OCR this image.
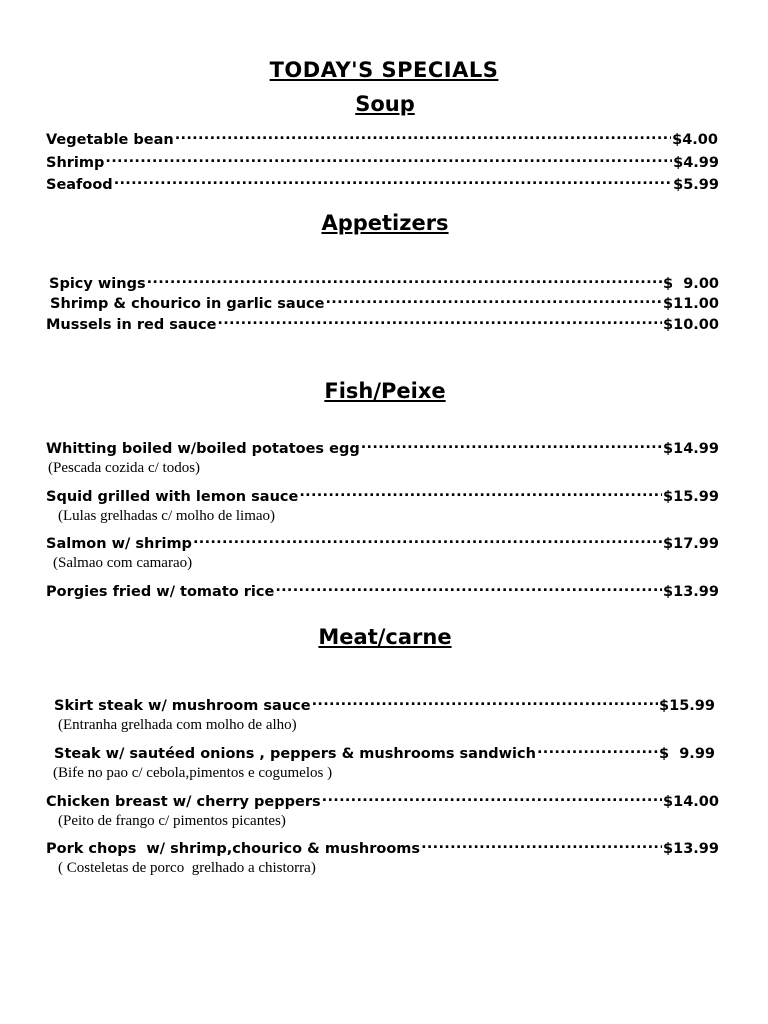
TODAY'S SPECIALS
Soup
Vegetable bean .....	$4.00
Shrimp .....	$4.99
Seafood .....	$5.99
Appetizers
Spicy wings .....	$  9.00
Shrimp & chourico in garlic sauce .....	$11.00
Mussels in red sauce .....	$10.00
Fish/Peixe
Whitting boiled w/boiled potatoes egg .....	$14.99
(Pescada cozida c/ todos)
Squid grilled with lemon sauce .....	$15.99
(Lulas grelhadas c/ molho de limao)
Salmon w/ shrimp .....	$17.99
(Salmao com camarao)
Porgies fried w/ tomato rice .....	$13.99
Meat/carne
Skirt steak w/ mushroom sauce .....	$15.99
(Entranha grelhada com molho de alho)
Steak w/ sautéed onions , peppers & mushrooms sandwich .....	$  9.99
(Bife no pao c/ cebola,pimentos e cogumelos )
Chicken breast w/ cherry peppers .....	$14.00
(Peito de frango c/ pimentos picantes)
Pork chops  w/ shrimp,chourico & mushrooms .....	$13.99
( Costeletas de porco  grelhado a chistorra)
